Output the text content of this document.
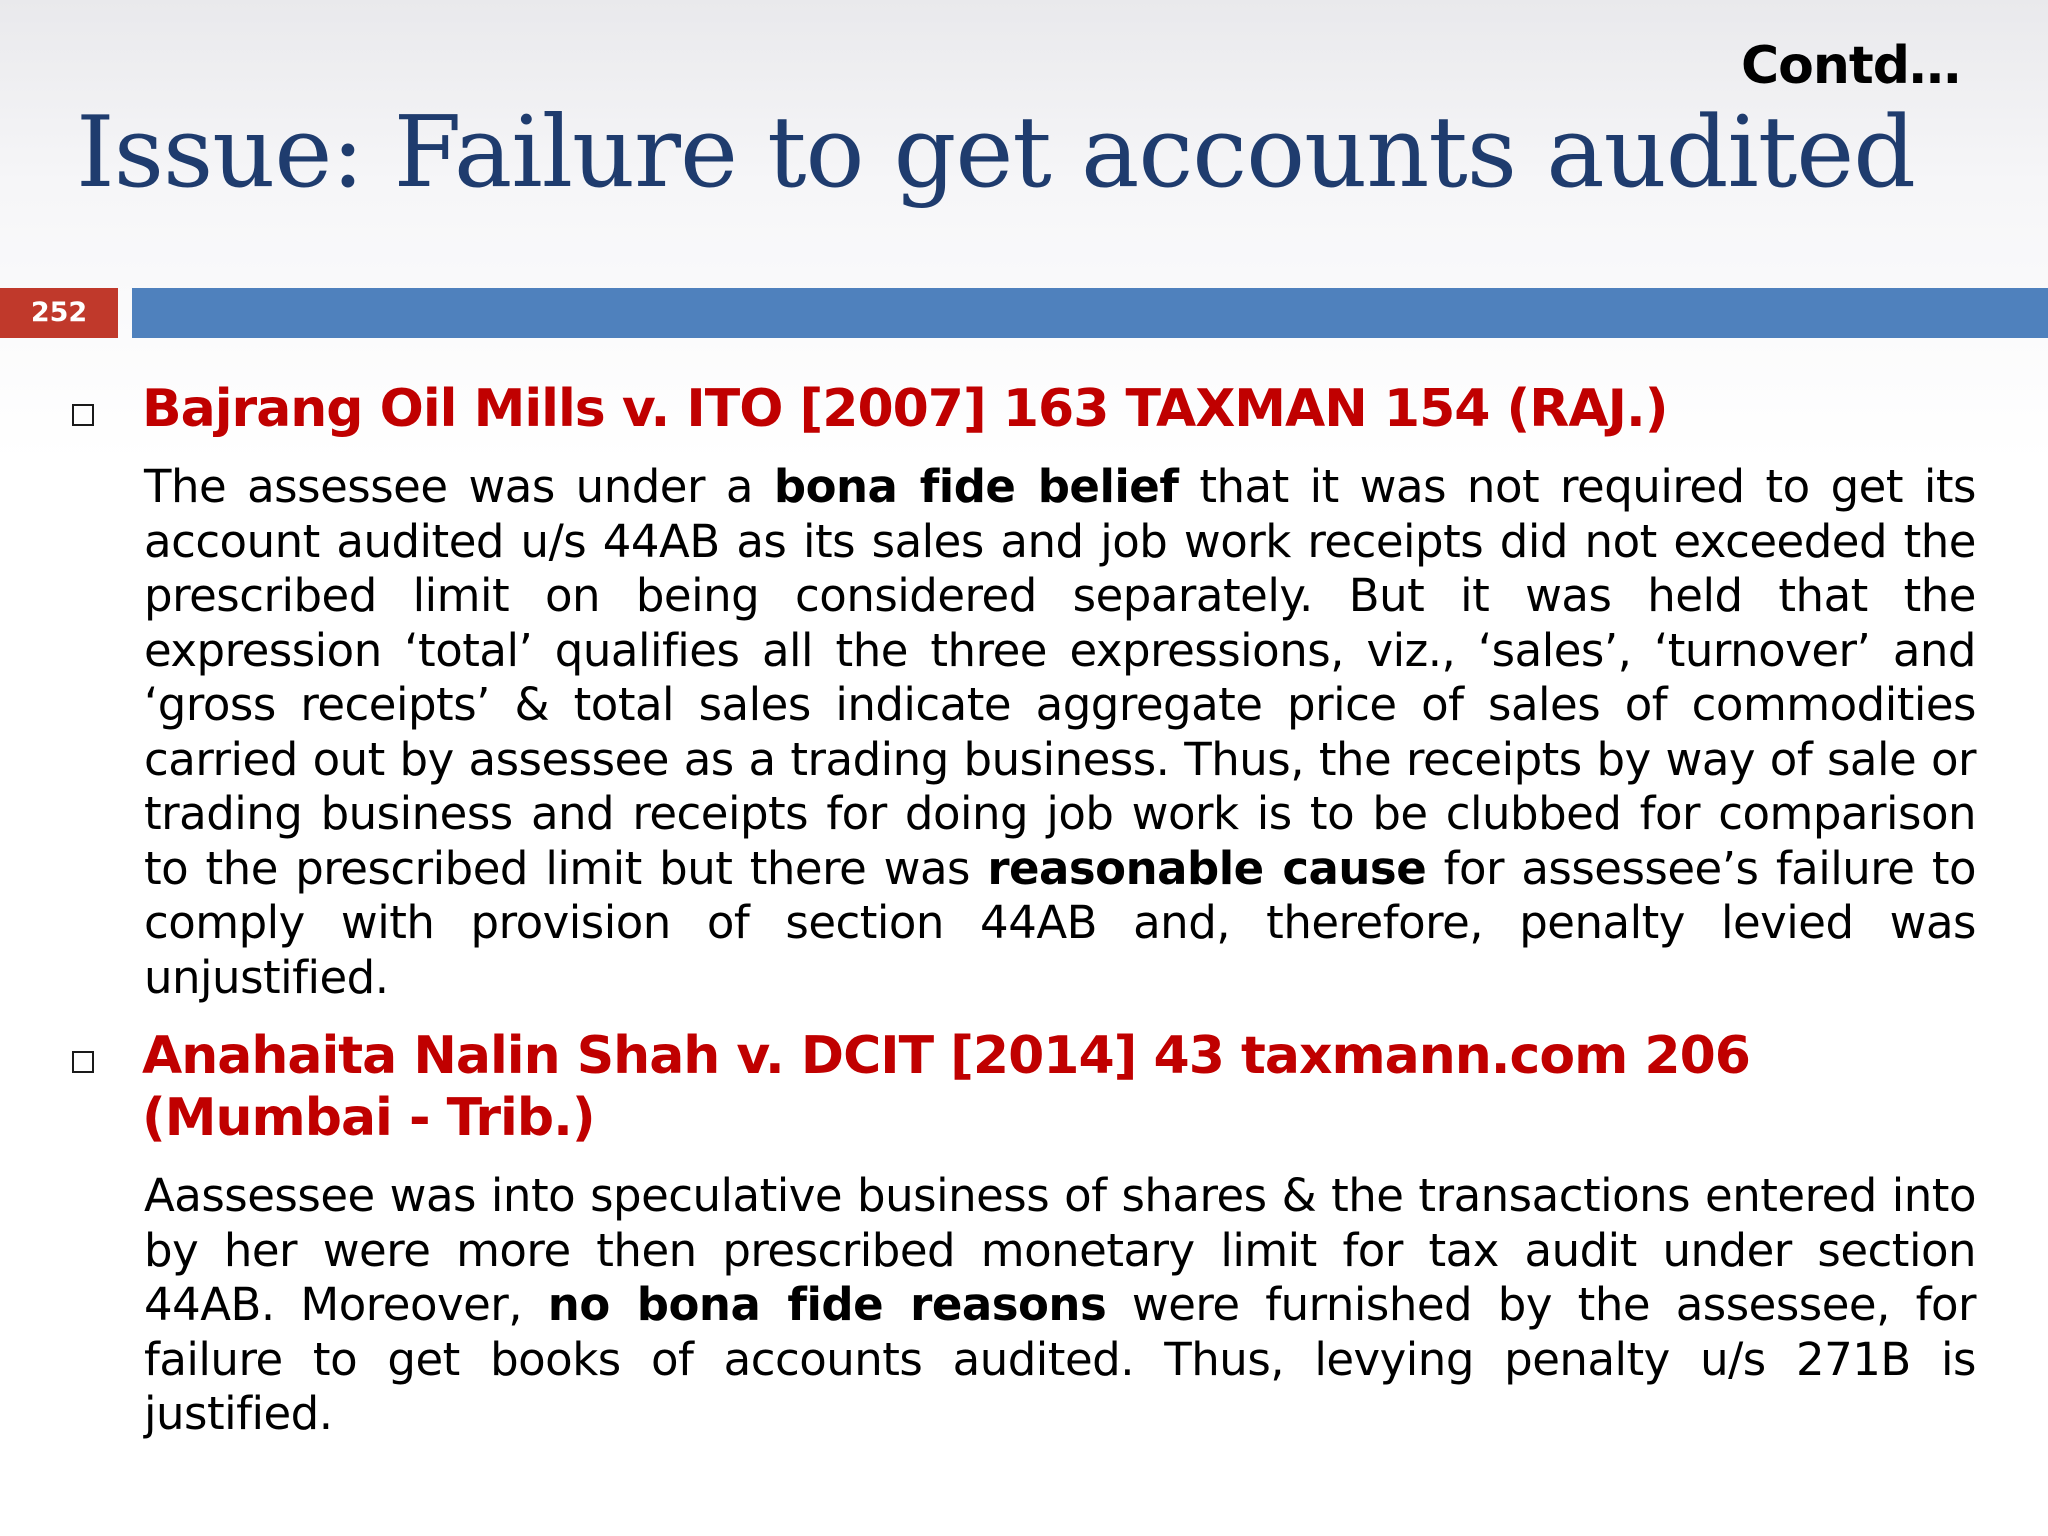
Contd…
Issue: Failure to get accounts audited
252
Bajrang Oil Mills v. ITO [2007] 163 TAXMAN 154 (RAJ.)
The assessee was under a bona fide belief that it was not required to get its account audited u/s 44AB as its sales and job work receipts did not exceeded the prescribed limit on being considered separately. But it was held that the expression ‘total’ qualifies all the three expressions, viz., ‘sales’, ‘turnover’ and ‘gross receipts’ & total sales indicate aggregate price of sales of commodities carried out by assessee as a trading business. Thus, the receipts by way of sale or trading business and receipts for doing job work is to be clubbed for comparison to the prescribed limit but there was reasonable cause for assessee’s failure to comply with provision of section 44AB and, therefore, penalty levied was unjustified.
Anahaita Nalin Shah v. DCIT [2014] 43 taxmann.com 206 (Mumbai - Trib.)
Aassessee was into speculative business of shares & the transactions entered into by her were more then prescribed monetary limit for tax audit under section 44AB. Moreover, no bona fide reasons were furnished by the assessee, for failure to get books of accounts audited. Thus, levying penalty u/s 271B is justified.
